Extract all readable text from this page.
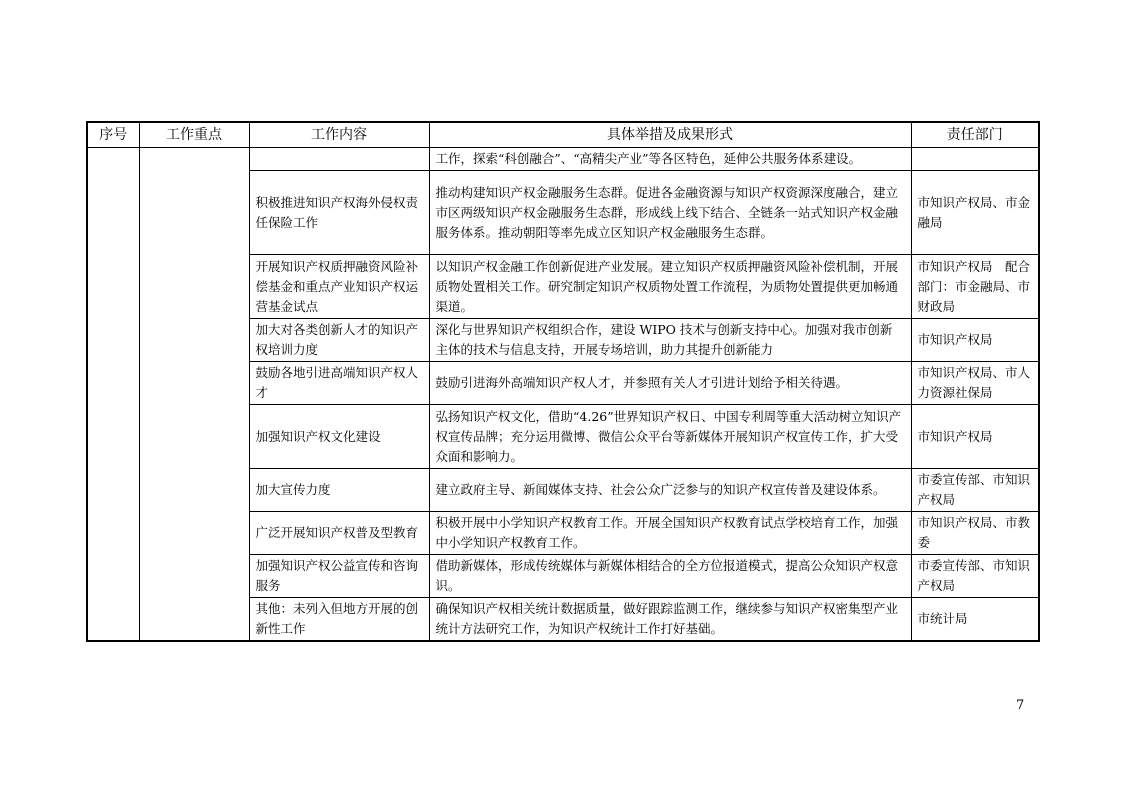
序号	工作重点	工作内容	具体举措及成果形式	责任部门
			工作，探索“科创融合”、“高精尖产业”等各区特色，延伸公共服务体系建设。	
		积极推进知识产权海外侵权责任保险工作	推动构建知识产权金融服务生态群。促进各金融资源与知识产权资源深度融合，建立市区两级知识产权金融服务生态群，形成线上线下结合、全链条一站式知识产权金融服务体系。推动朝阳等率先成立区知识产权金融服务生态群。	市知识产权局、市金融局
		开展知识产权质押融资风险补偿基金和重点产业知识产权运营基金试点	以知识产权金融工作创新促进产业发展。建立知识产权质押融资风险补偿机制，开展质物处置相关工作。研究制定知识产权质物处置工作流程，为质物处置提供更加畅通渠道。	市知识产权局　配合部门：市金融局、市财政局
		加大对各类创新人才的知识产权培训力度	深化与世界知识产权组织合作，建设 WIPO 技术与创新支持中心。加强对我市创新主体的技术与信息支持，开展专场培训，助力其提升创新能力	市知识产权局
		鼓励各地引进高端知识产权人才	鼓励引进海外高端知识产权人才，并参照有关人才引进计划给予相关待遇。	市知识产权局、市人力资源社保局
		加强知识产权文化建设	弘扬知识产权文化，借助“4.26”世界知识产权日、中国专利周等重大活动树立知识产权宣传品牌；充分运用微博、微信公众平台等新媒体开展知识产权宣传工作，扩大受众面和影响力。	市知识产权局
		加大宣传力度	建立政府主导、新闻媒体支持、社会公众广泛参与的知识产权宣传普及建设体系。	市委宣传部、市知识产权局
		广泛开展知识产权普及型教育	积极开展中小学知识产权教育工作。开展全国知识产权教育试点学校培育工作，加强中小学知识产权教育工作。	市知识产权局、市教委
		加强知识产权公益宣传和咨询服务	借助新媒体，形成传统媒体与新媒体相结合的全方位报道模式，提高公众知识产权意识。	市委宣传部、市知识产权局
		其他：未列入但地方开展的创新性工作	确保知识产权相关统计数据质量，做好跟踪监测工作，继续参与知识产权密集型产业统计方法研究工作，为知识产权统计工作打好基础。	市统计局
7
